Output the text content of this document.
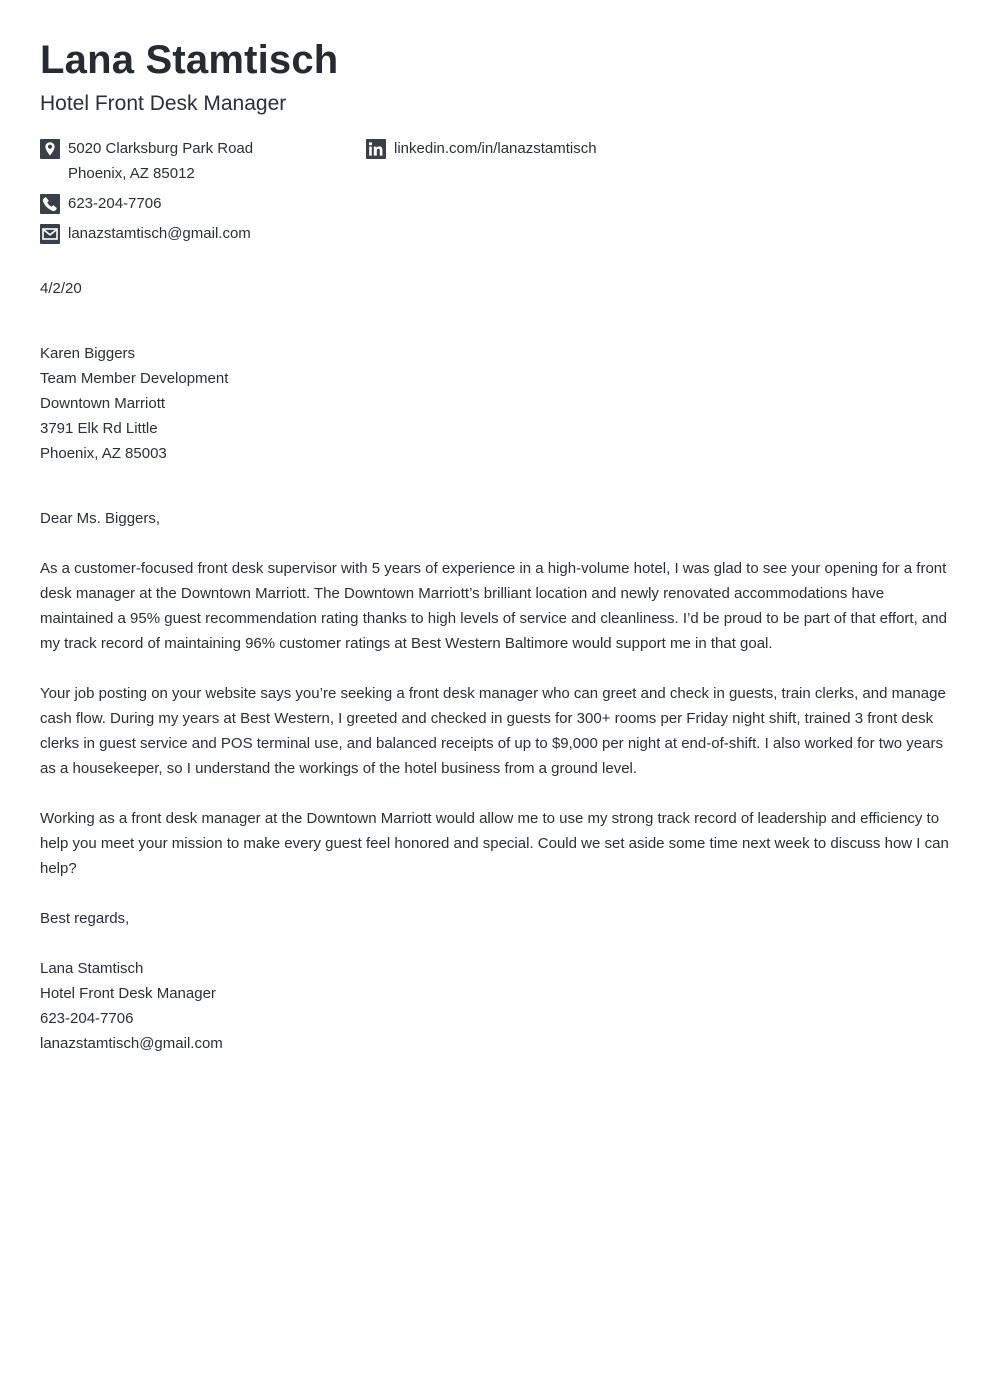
Lana Stamtisch
Hotel Front Desk Manager
5020 Clarksburg Park Road
Phoenix, AZ 85012
linkedin.com/in/lanazstamtisch
623-204-7706
lanazstamtisch@gmail.com
4/2/20
Karen Biggers
Team Member Development
Downtown Marriott
3791 Elk Rd Little
Phoenix, AZ 85003
Dear Ms. Biggers,

As a customer-focused front desk supervisor with 5 years of experience in a high-volume hotel, I was glad to see your opening for a front desk manager at the Downtown Marriott. The Downtown Marriott’s brilliant location and newly renovated accommodations have maintained a 95% guest recommendation rating thanks to high levels of service and cleanliness. I’d be proud to be part of that effort, and my track record of maintaining 96% customer ratings at Best Western Baltimore would support me in that goal.

Your job posting on your website says you’re seeking a front desk manager who can greet and check in guests, train clerks, and manage cash flow. During my years at Best Western, I greeted and checked in guests for 300+ rooms per Friday night shift, trained 3 front desk clerks in guest service and POS terminal use, and balanced receipts of up to $9,000 per night at end-of-shift. I also worked for two years as a housekeeper, so I understand the workings of the hotel business from a ground level.

Working as a front desk manager at the Downtown Marriott would allow me to use my strong track record of leadership and efficiency to help you meet your mission to make every guest feel honored and special. Could we set aside some time next week to discuss how I can help?

Best regards,
Lana Stamtisch
Hotel Front Desk Manager
623-204-7706
lanazstamtisch@gmail.com
